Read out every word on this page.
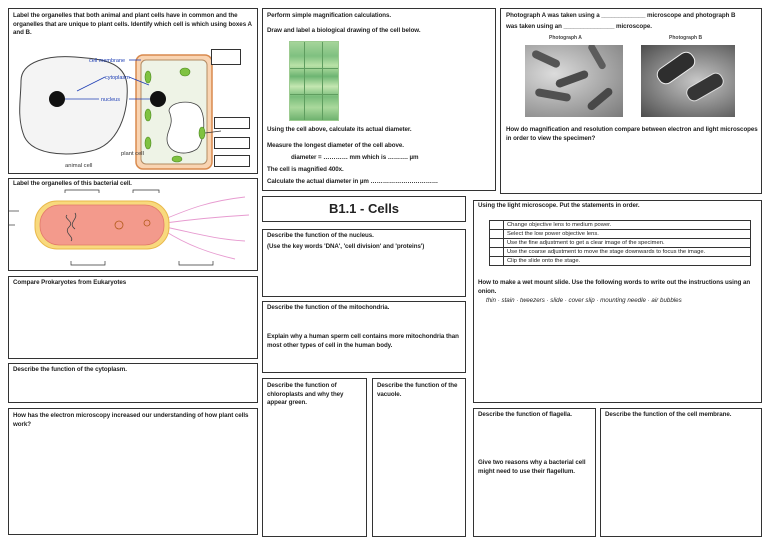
Label the organelles that both animal and plant cells have in common and the organelles that are unique to plant cells. Identify which cell is which using boxes A and B.
cell membrane
cytoplasm
nucleus
plant cell
animal cell
Label the organelles of this bacterial cell.
Compare Prokaryotes from Eukaryotes
Describe the function of the cytoplasm.
How has the electron microscopy increased our understanding of how plant cells work?
Perform simple magnification calculations.
Draw and label a biological drawing of the cell below.
Using the cell above, calculate its actual diameter.
Measure the longest diameter of the cell above.
diameter = ………… mm which is ………. µm
The cell is magnified 400x.
Calculate the actual diameter in µm ……………………………
B1.1 - Cells
Describe the function of the nucleus.
(Use the key words 'DNA', 'cell division' and 'proteins')
Describe the function of the mitochondria.
Explain why a human sperm cell contains more mitochondria than most other types of cell in the human body.
Describe the function of chloroplasts and why they appear green.
Describe the function of the vacuole.
Photograph A was taken using a _____________ microscope and photograph B
was taken using an _______________ microscope.
Photograph A	Photograph B
How do magnification and resolution compare between electron and light microscopes in order to view the specimen?
Using the light microscope. Put the statements in order.
	Change objective lens to medium power.
	Select the low power objective lens.
	Use the fine adjustment to get a clear image of the specimen.
	Use the coarse adjustment to move the stage downwards to focus the image.
	Clip the slide onto the stage.
How to make a wet mount slide. Use the following words to write out the instructions using an onion.
thin · stain · tweezers · slide · cover slip · mounting needle · air bubbles
Describe the function of flagella.
Give two reasons why a bacterial cell might need to use their flagellum.
Describe the function of the cell membrane.
